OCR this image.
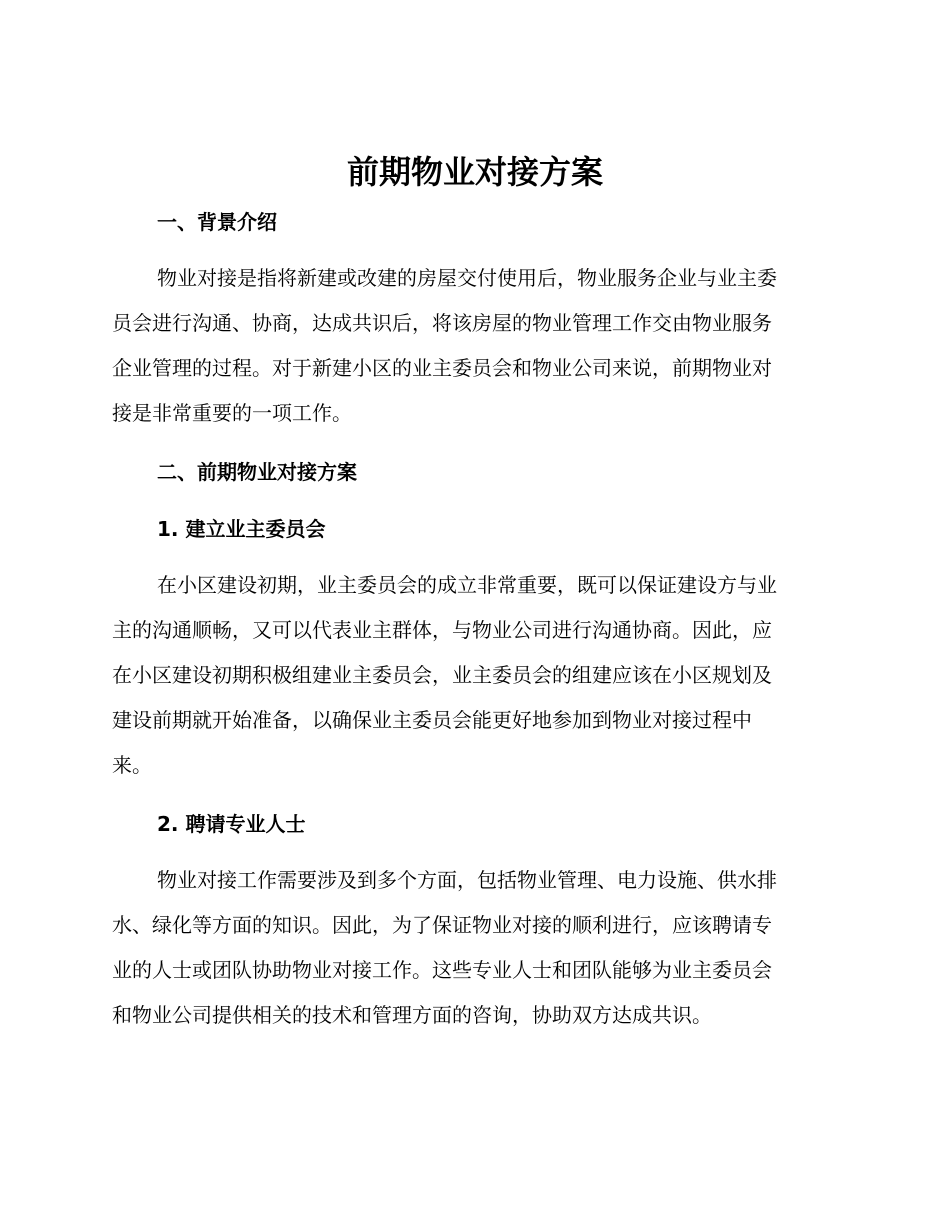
前期物业对接方案
一、背景介绍
物业对接是指将新建或改建的房屋交付使用后，物业服务企业与业主委
员会进行沟通、协商，达成共识后，将该房屋的物业管理工作交由物业服务
企业管理的过程。对于新建小区的业主委员会和物业公司来说，前期物业对
接是非常重要的一项工作。
二、前期物业对接方案
1. 建立业主委员会
在小区建设初期，业主委员会的成立非常重要，既可以保证建设方与业
主的沟通顺畅，又可以代表业主群体，与物业公司进行沟通协商。因此，应
在小区建设初期积极组建业主委员会，业主委员会的组建应该在小区规划及
建设前期就开始准备，以确保业主委员会能更好地参加到物业对接过程中
来。
2. 聘请专业人士
物业对接工作需要涉及到多个方面，包括物业管理、电力设施、供水排
水、绿化等方面的知识。因此，为了保证物业对接的顺利进行，应该聘请专
业的人士或团队协助物业对接工作。这些专业人士和团队能够为业主委员会
和物业公司提供相关的技术和管理方面的咨询，协助双方达成共识。
